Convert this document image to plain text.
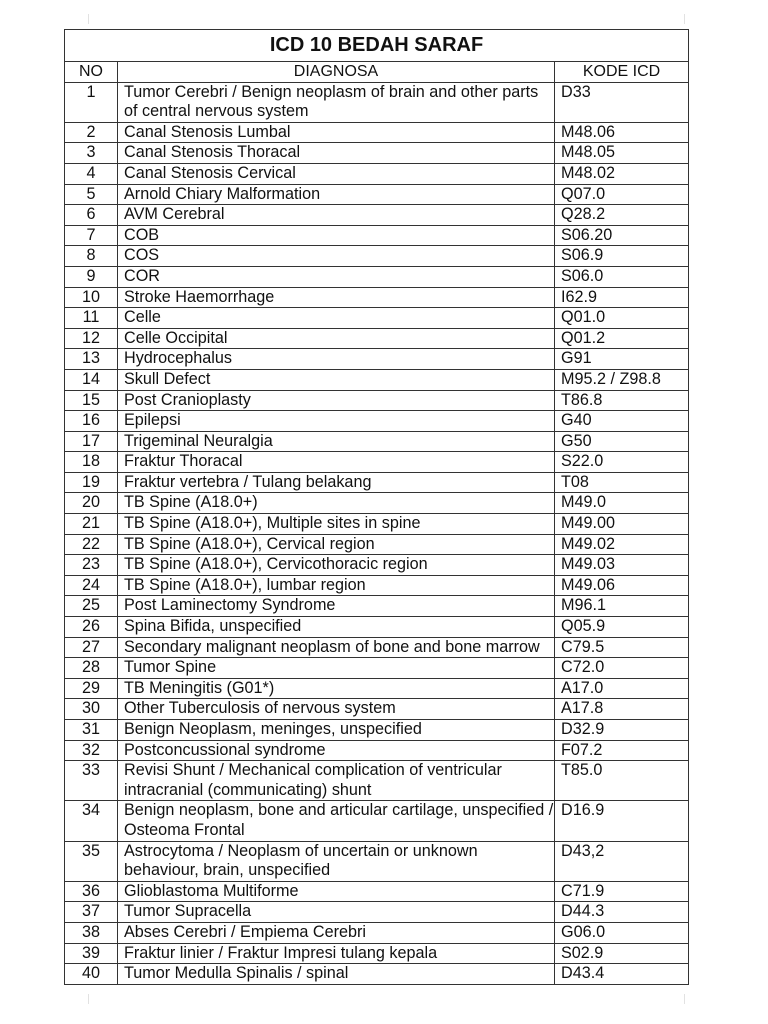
ICD 10 BEDAH SARAF		
NO	DIAGNOSA	KODE ICD
1	Tumor Cerebri / Benign neoplasm of brain and other parts of central nervous system	D33
2	Canal Stenosis Lumbal	M48.06
3	Canal Stenosis Thoracal	M48.05
4	Canal Stenosis Cervical	M48.02
5	Arnold Chiary Malformation	Q07.0
6	AVM Cerebral	Q28.2
7	COB	S06.20
8	COS	S06.9
9	COR	S06.0
10	Stroke Haemorrhage	I62.9
11	Celle	Q01.0
12	Celle Occipital	Q01.2
13	Hydrocephalus	G91
14	Skull Defect	M95.2 / Z98.8
15	Post Cranioplasty	T86.8
16	Epilepsi	G40
17	Trigeminal Neuralgia	G50
18	Fraktur Thoracal	S22.0
19	Fraktur vertebra / Tulang belakang	T08
20	TB Spine (A18.0+)	M49.0
21	TB Spine (A18.0+), Multiple sites in spine	M49.00
22	TB Spine (A18.0+), Cervical region	M49.02
23	TB Spine (A18.0+), Cervicothoracic region	M49.03
24	TB Spine (A18.0+), lumbar region	M49.06
25	Post Laminectomy Syndrome	M96.1
26	Spina Bifida, unspecified	Q05.9
27	Secondary malignant neoplasm of bone and bone marrow	C79.5
28	Tumor Spine	C72.0
29	TB Meningitis (G01*)	A17.0
30	Other Tuberculosis of nervous system	A17.8
31	Benign Neoplasm, meninges, unspecified	D32.9
32	Postconcussional syndrome	F07.2
33	Revisi Shunt / Mechanical complication of ventricular intracranial (communicating) shunt	T85.0
34	Benign neoplasm, bone and articular cartilage, unspecified / Osteoma Frontal	D16.9
35	Astrocytoma / Neoplasm of uncertain or unknown behaviour, brain, unspecified	D43,2
36	Glioblastoma Multiforme	C71.9
37	Tumor Supracella	D44.3
38	Abses Cerebri / Empiema Cerebri	G06.0
39	Fraktur linier / Fraktur Impresi tulang kepala	S02.9
40	Tumor Medulla Spinalis / spinal	D43.4
